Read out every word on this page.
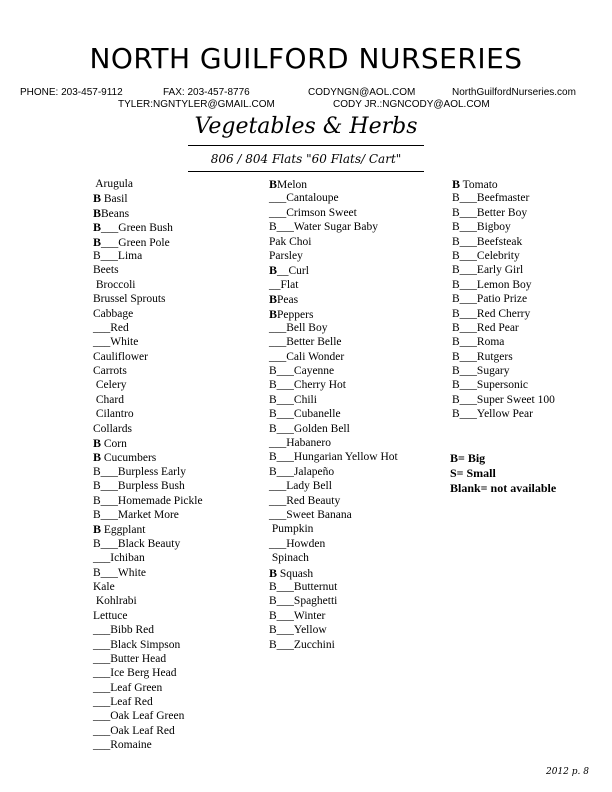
NORTH GUILFORD NURSERIES
PHONE: 203-457-9112	FAX: 203-457-8776	CODYNGN@AOL.COM	NorthGuilfordNurseries.com
TYLER:NGNTYLER@GMAIL.COM	CODY JR.:NGNCODY@AOL.COM
Vegetables & Herbs
806 / 804 Flats "60 Flats/ Cart"
Arugula
B Basil
BBeans
B___Green Bush
B___Green Pole
B___Lima
Beets
Broccoli
Brussel Sprouts
Cabbage
___Red
___White
Cauliflower
Carrots
Celery
Chard
Cilantro
Collards
B Corn
B Cucumbers
B___Burpless Early
B___Burpless Bush
B___Homemade Pickle
B___Market More
B Eggplant
B___Black Beauty
___Ichiban
B___White
Kale
Kohlrabi
Lettuce
___Bibb Red
___Black Simpson
___Butter Head
___Ice Berg Head
___Leaf Green
___Leaf Red
___Oak Leaf Green
___Oak Leaf Red
___Romaine
BMelon
___Cantaloupe
___Crimson Sweet
B___Water Sugar Baby
Pak Choi
Parsley
B__Curl
__Flat
BPeas
BPeppers
___Bell Boy
___Better Belle
___Cali Wonder
B___Cayenne
B___Cherry Hot
B___Chili
B___Cubanelle
B___Golden Bell
___Habanero
B___Hungarian Yellow Hot
B___Jalapeño
___Lady Bell
___Red Beauty
___Sweet Banana
Pumpkin
___Howden
Spinach
B Squash
B___Butternut
B___Spaghetti
B___Winter
B___Yellow
B___Zucchini
B Tomato
B___Beefmaster
B___Better Boy
B___Bigboy
B___Beefsteak
B___Celebrity
B___Early Girl
B___Lemon Boy
B___Patio Prize
B___Red Cherry
B___Red Pear
B___Roma
B___Rutgers
B___Sugary
B___Supersonic
B___Super Sweet 100
B___Yellow Pear
B= Big
S= Small
Blank= not available
2012 p. 8
